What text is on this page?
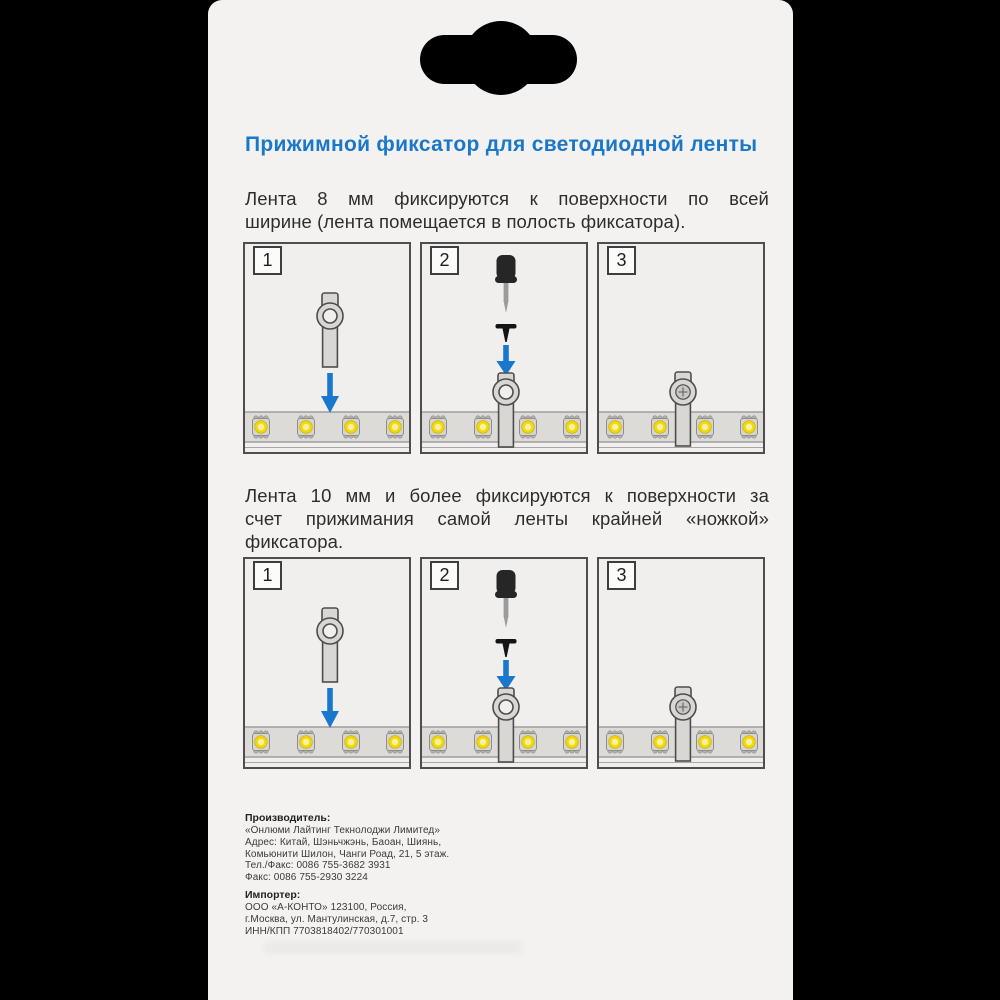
Прижимной фиксатор для светодиодной ленты
Лента 8 мм фиксируются к поверхности по всей
ширине (лента помещается в полость фиксатора).
1	2	3
Лента 10 мм и более фиксируются к поверхности за
счет прижимания самой ленты крайней «ножкой»
фиксатора.
1	2	3
Производитель:
«Онлюми Лайтинг Текнолоджи Лимитед»
Адрес: Китай, Шэньчжэнь, Баоан, Шиянь,
Комьюнити Шилон, Чанги Роад, 21, 5 этаж.
Тел./Факс: 0086 755-3682 3931
Факс: 0086 755-2930 3224
Импортер:
ООО «А-КОНТО» 123100, Россия,
г.Москва, ул. Мантулинская, д.7, стр. 3
ИНН/КПП 7703818402/770301001
